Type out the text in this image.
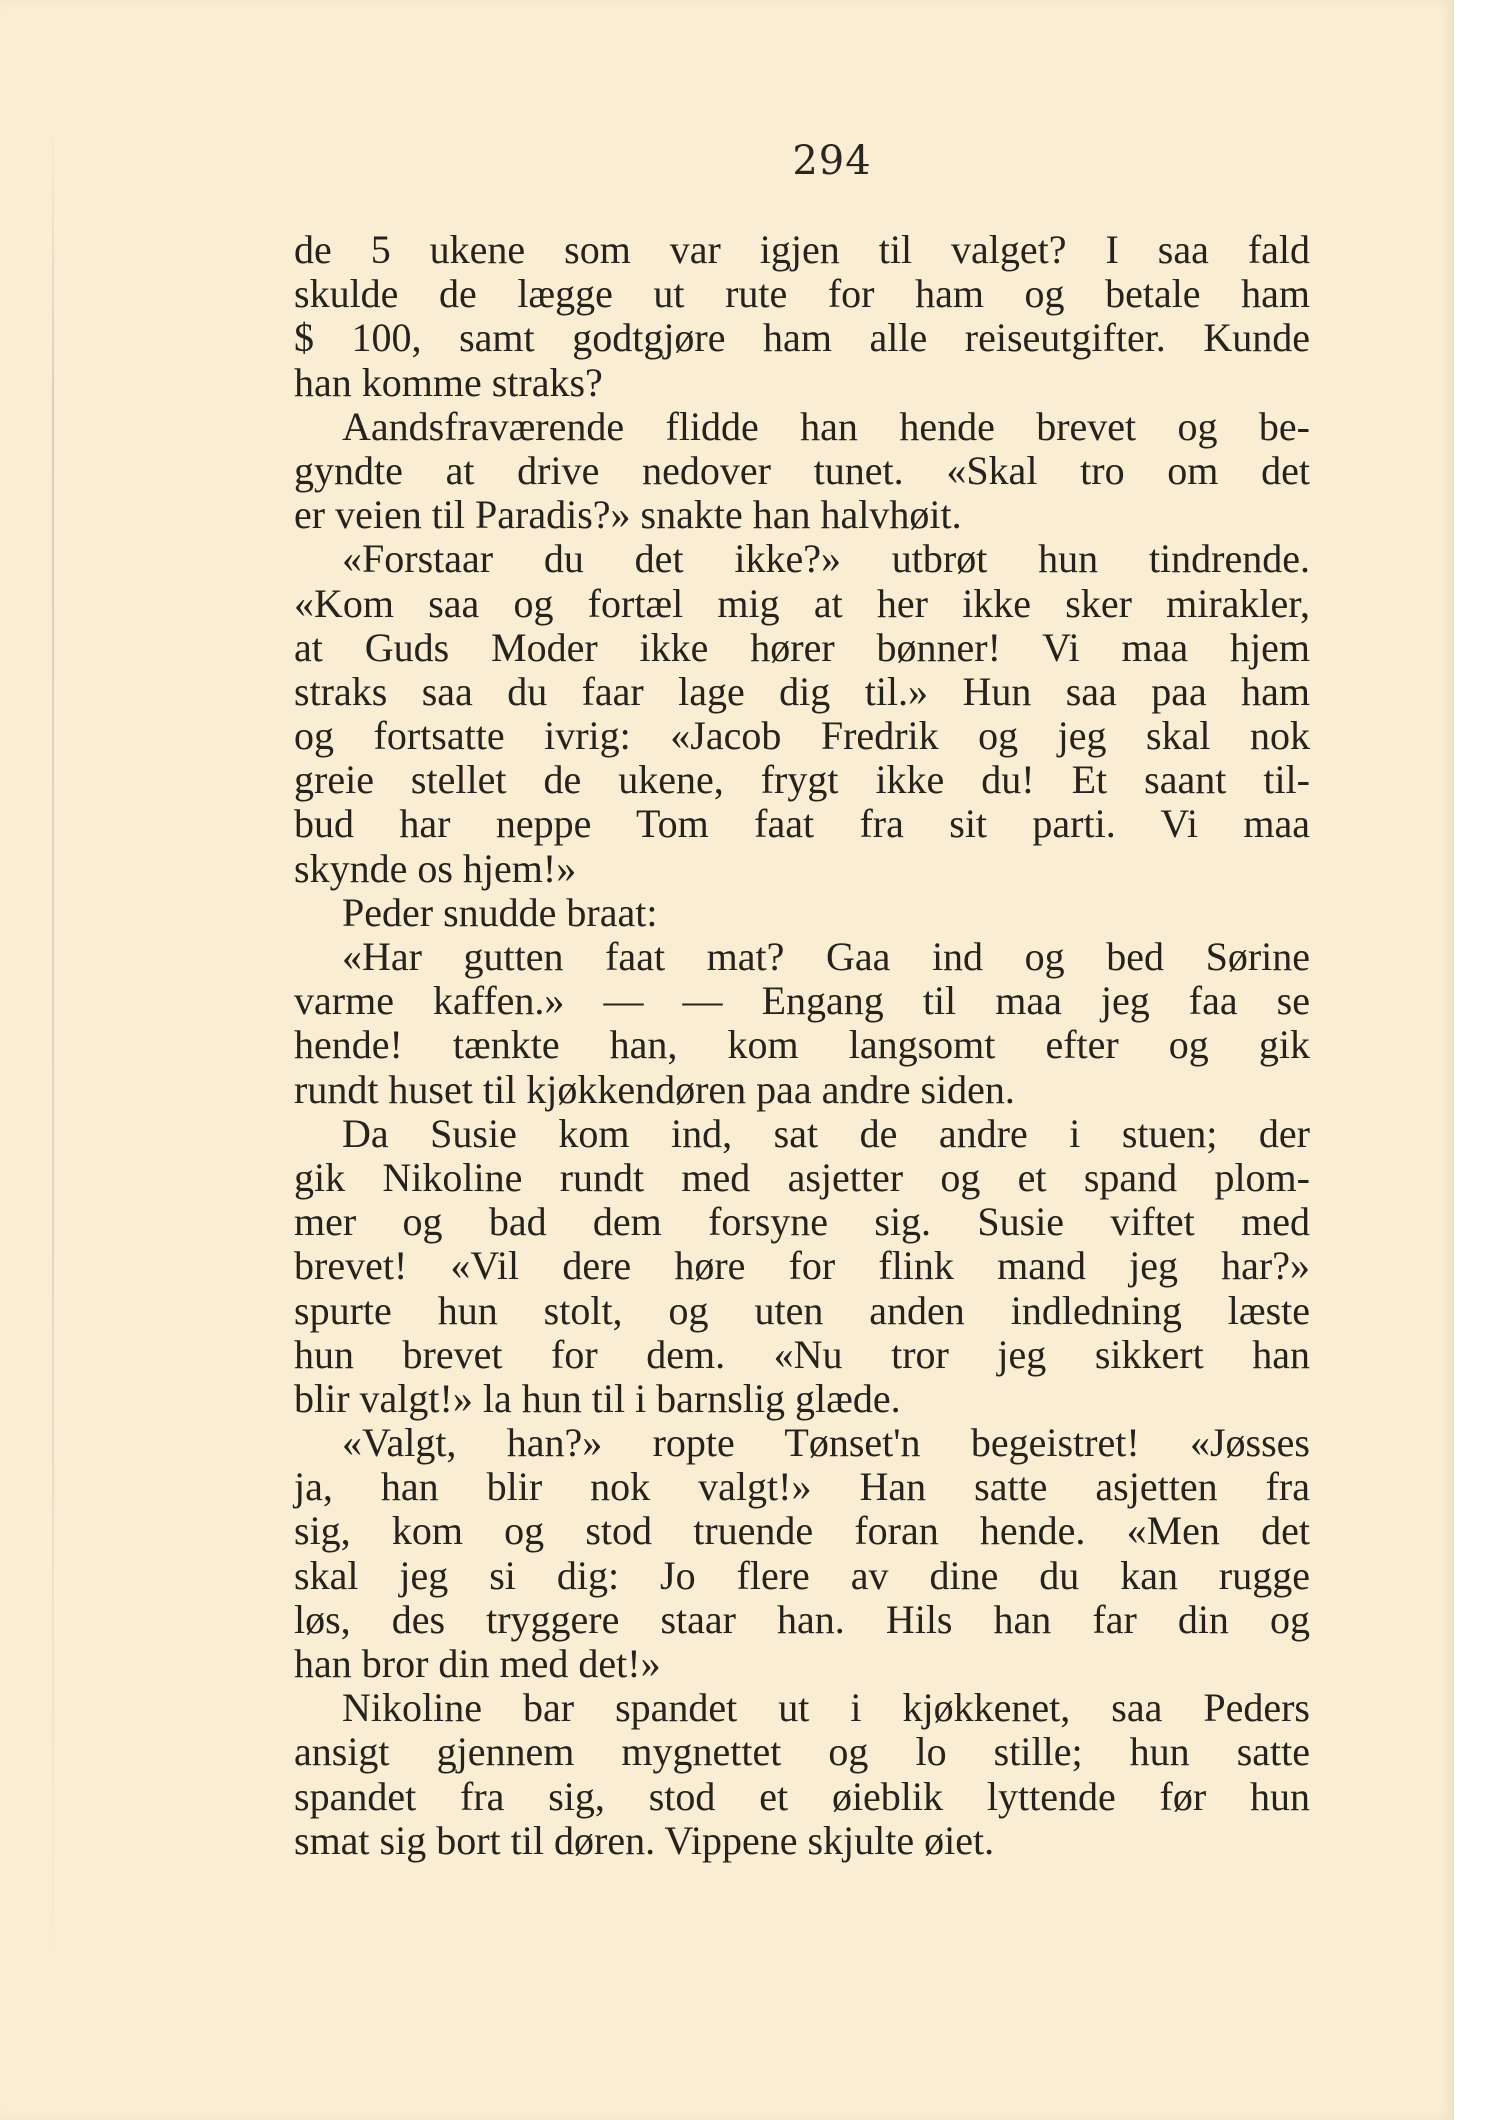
294
de 5 ukene som var igjen til valget? I saa fald
skulde de lægge ut rute for ham og betale ham
$ 100, samt godtgjøre ham alle reiseutgifter. Kunde
han komme straks?
Aandsfraværende flidde han hende brevet og be-
gyndte at drive nedover tunet. «Skal tro om det
er veien til Paradis?» snakte han halvhøit.
«Forstaar du det ikke?» utbrøt hun tindrende.
«Kom saa og fortæl mig at her ikke sker mirakler,
at Guds Moder ikke hører bønner! Vi maa hjem
straks saa du faar lage dig til.» Hun saa paa ham
og fortsatte ivrig: «Jacob Fredrik og jeg skal nok
greie stellet de ukene, frygt ikke du! Et saant til-
bud har neppe Tom faat fra sit parti. Vi maa
skynde os hjem!»
Peder snudde braat:
«Har gutten faat mat? Gaa ind og bed Sørine
varme kaffen.» — — Engang til maa jeg faa se
hende! tænkte han, kom langsomt efter og gik
rundt huset til kjøkkendøren paa andre siden.
Da Susie kom ind, sat de andre i stuen; der
gik Nikoline rundt med asjetter og et spand plom-
mer og bad dem forsyne sig. Susie viftet med
brevet! «Vil dere høre for flink mand jeg har?»
spurte hun stolt, og uten anden indledning læste
hun brevet for dem. «Nu tror jeg sikkert han
blir valgt!» la hun til i barnslig glæde.
«Valgt, han?» ropte Tønset'n begeistret! «Jøsses
ja, han blir nok valgt!» Han satte asjetten fra
sig, kom og stod truende foran hende. «Men det
skal jeg si dig: Jo flere av dine du kan rugge
løs, des tryggere staar han. Hils han far din og
han bror din med det!»
Nikoline bar spandet ut i kjøkkenet, saa Peders
ansigt gjennem mygnettet og lo stille; hun satte
spandet fra sig, stod et øieblik lyttende før hun
smat sig bort til døren. Vippene skjulte øiet.
